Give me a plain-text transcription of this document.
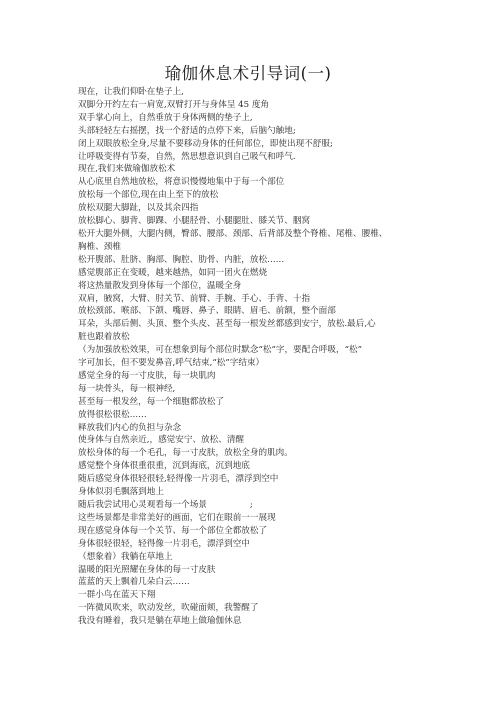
瑜伽休息术引导词(一)
现在，让我们仰卧在垫子上,
双脚分开约左右一肩宽,双臂打开与身体呈 45 度角
双手掌心向上，自然垂放于身体两侧的垫子上,
头部轻轻左右摇摆，找一个舒适的点停下来，后脑勺触地;
闭上双眼放松全身,尽量不要移动身体的任何部位，即使出现不舒服;
让呼吸变得有节奏，自然，然思想意识到自己吸气和呼气.
现在,我们来做瑜伽放松术
从心底里自然地放松，将意识慢慢地集中于每一个部位
放松每一个部位,现在由上至下的放松
放松双腿大脚趾，以及其余四指
放松脚心、脚背、脚踝、小腿胫骨、小腿腿肚、膝关节、胭窝
松开大腿外侧，大腿内侧，臀部、腰部、颈部、后背部及整个脊椎、尾椎、腰椎、
胸椎、颈椎
松开腹部、肚脐、胸部、胸腔、肋骨、内脏，放松……
感觉腹部正在变暖，越来越热，如同一团火在燃烧
将这热量散发到身体每一个部位，温暖全身
双肩，腋窝，大臂、肘关节、前臂、手腕、手心、手背、十指
放松颈部、喉部、下颌、嘴唇、鼻子、眼睛、眉毛、前额，整个面部
耳朵，头部后侧、头顶、整个头皮、甚至每一根发丝都感到安宁，放松.最后,心
脏也跟着放松
（为加强放松效果，可在想象到每个部位时默念“松”字，要配合呼吸，“松”
字可加长，但不要发鼻音,呼气结束,“松”字结束）
感觉全身的每一寸皮肤，每一块肌肉
每一块骨头，每一根神经,
甚至每一根发丝，每一个细胞都放松了
放得很松很松……
释放我们内心的负担与杂念
使身体与自然亲近,，感觉安宁、放松、清醒
放松身体的每一个毛孔，每一寸皮肤，放松全身的肌肉。
感觉整个身体很重很重，沉到海底，沉到地底
随后感觉身体很轻很轻,轻得像一片羽毛，漂浮到空中
身体似羽毛飘落到地上
随后我尝试用心灵观看每一个场景　　　　　;
这些场景都是非常美好的画面，它们在眼前一一展现
现在感觉身体每一个关节、每一个部位全都放松了
身体很轻很轻，轻得像一片羽毛，漂浮到空中
（想象着）我躺在草地上
温暖的阳光照耀在身体的每一寸皮肤
蓝蓝的天上飘着几朵白云……
一群小鸟在蓝天下翔
一阵微风吹来，吹动发丝，吹碰面颊，我警醒了
我没有睡着，我只是躺在草地上做瑜伽休息
